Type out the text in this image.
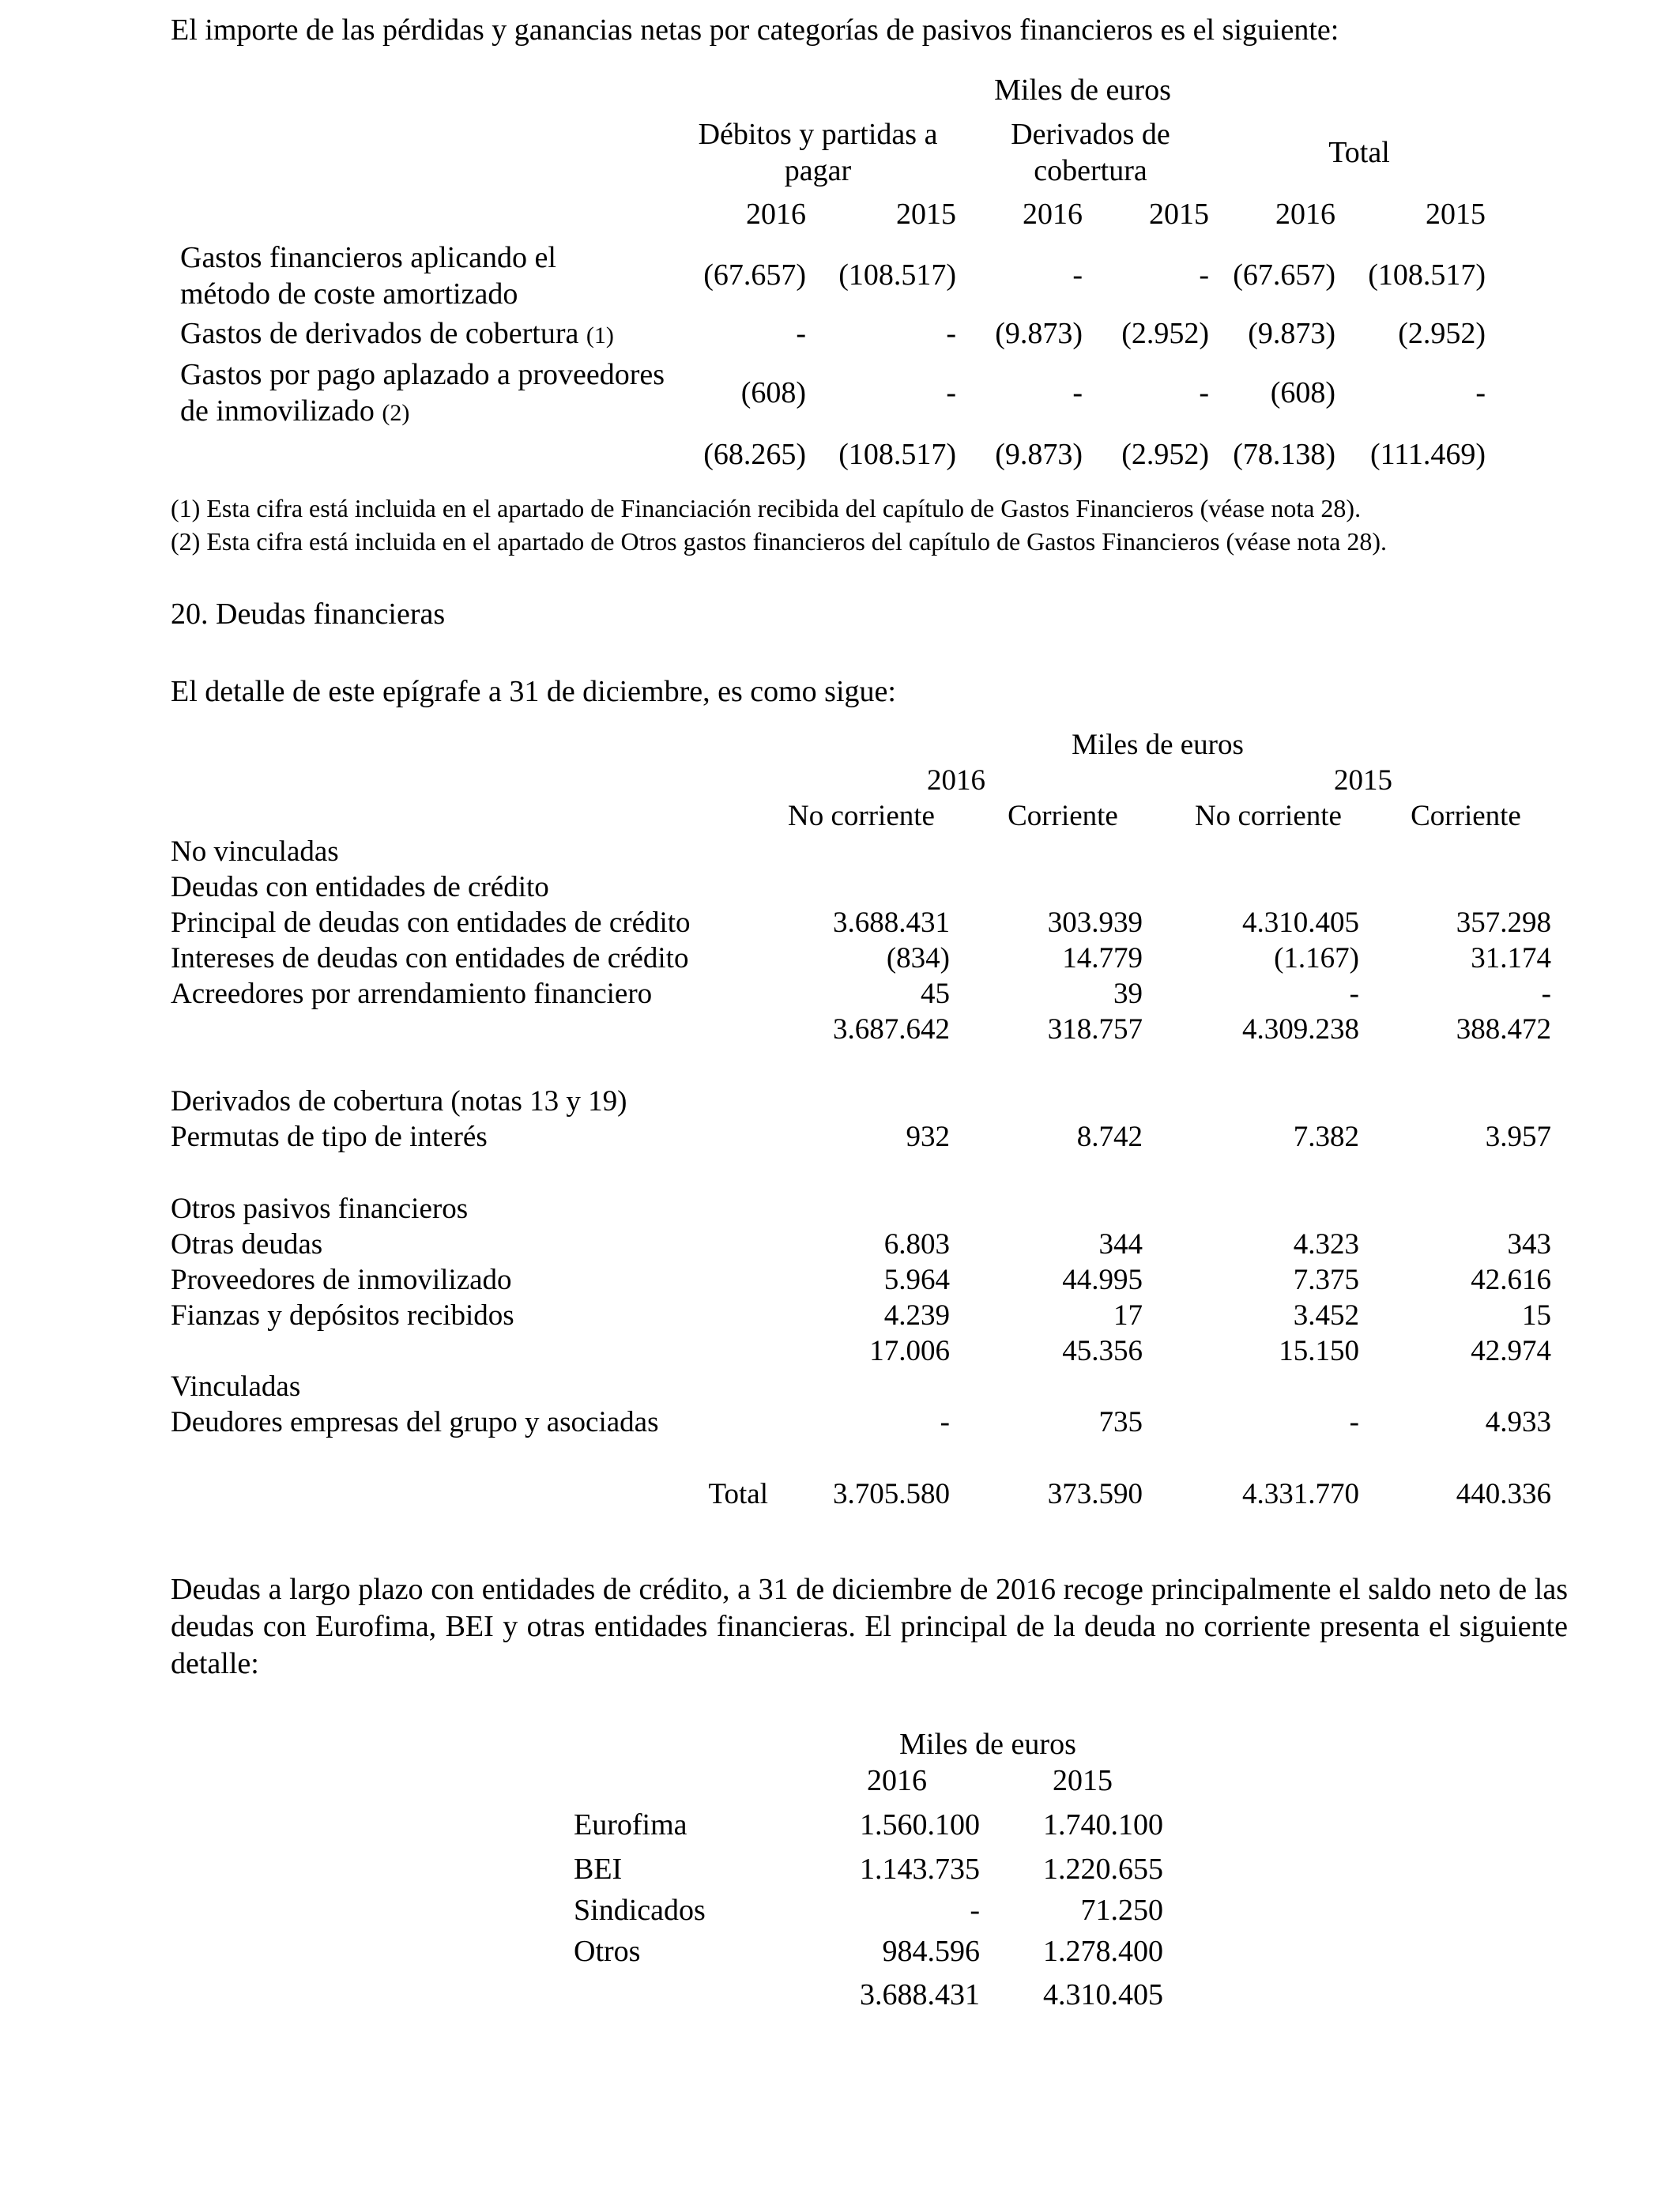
El importe de las pérdidas y ganancias netas por categorías de pasivos financieros es el siguiente:
Miles de euros
Débitos y partidas a pagar
Derivados de cobertura
Total
2016	2015	2016	2015	2016	2015
Gastos financieros aplicando el método de coste amortizado
(67.657)	(108.517)	-	- (67.657)	(108.517)
Gastos de derivados de cobertura (1)	-	-	(9.873)	(2.952)	(9.873)	(2.952)
Gastos por pago aplazado a proveedores de inmovilizado (2)
(608)	-	-	-	(608)	-
(68.265)	(108.517)	(9.873)	(2.952) (78.138)	(111.469)
(1) Esta cifra está incluida en el apartado de Financiación recibida del capítulo de Gastos Financieros (véase nota 28).
(2) Esta cifra está incluida en el apartado de Otros gastos financieros del capítulo de Gastos Financieros (véase nota 28).
20. Deudas financieras
El detalle de este epígrafe a 31 de diciembre, es como sigue:
Miles de euros
2016	2015
No corriente	Corriente	No corriente	Corriente
No vinculadas
Deudas con entidades de crédito
Principal de deudas con entidades de crédito	3.688.431	303.939	4.310.405	357.298
Intereses de deudas con entidades de crédito	(834)	14.779	(1.167)	31.174
Acreedores por arrendamiento financiero	45	39	-	-
3.687.642	318.757	4.309.238	388.472
Derivados de cobertura (notas 13 y 19)
Permutas de tipo de interés	932	8.742	7.382	3.957
Otros pasivos financieros
Otras deudas	6.803	344	4.323	343
Proveedores de inmovilizado	5.964	44.995	7.375	42.616
Fianzas y depósitos recibidos	4.239	17	3.452	15
17.006	45.356	15.150	42.974
Vinculadas
Deudores empresas del grupo y asociadas	-	735	-	4.933
Total	3.705.580	373.590	4.331.770	440.336
Deudas a largo plazo con entidades de crédito, a 31 de diciembre de 2016 recoge principalmente el saldo neto de las deudas con Eurofima, BEI y otras entidades financieras. El principal de la deuda no corriente presenta el siguiente detalle:
Miles de euros
2016	2015
Eurofima	1.560.100	1.740.100
BEI	1.143.735	1.220.655
Sindicados	-	71.250
Otros	984.596	1.278.400
3.688.431	4.310.405
